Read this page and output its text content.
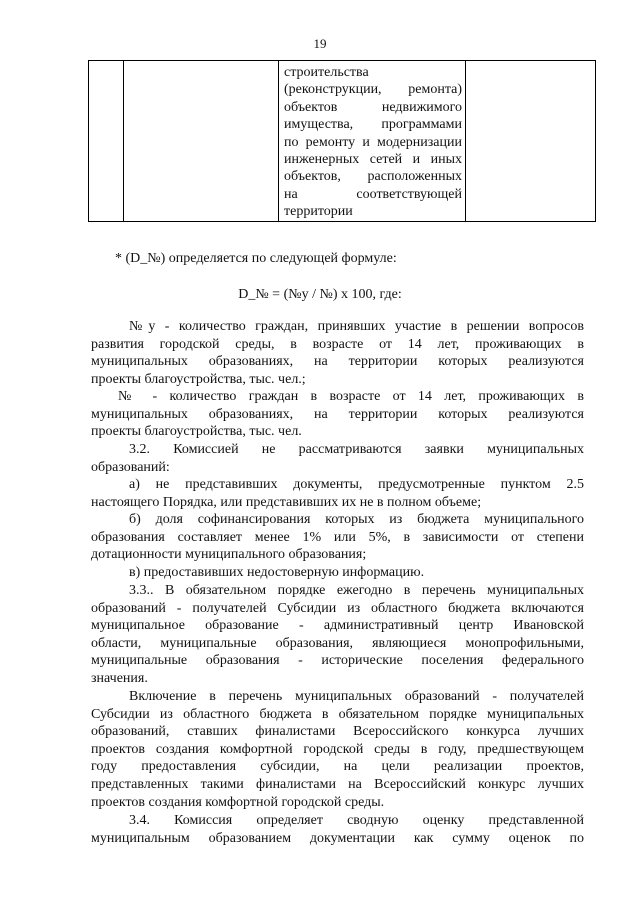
19

строительства
(реконструкции, ремонта)
объектов недвижимого
имущества, программами
по ремонту и модернизации
инженерных сетей и иных
объектов, расположенных
на соответствующей
территории

* (D_№) определяется по следующей формуле:
D_№ = (№у / №) х 100, где:
№у - количество граждан, принявших участие в решении вопросов
развития городской среды, в возрасте от 14 лет, проживающих в
муниципальных образованиях, на территории которых реализуются
проекты благоустройства, тыс. чел.;
№ - количество граждан в возрасте от 14 лет, проживающих в
муниципальных образованиях, на территории которых реализуются
проекты благоустройства, тыс. чел.
3.2. Комиссией не рассматриваются заявки муниципальных
образований:
а) не представивших документы, предусмотренные пунктом 2.5
настоящего Порядка, или представивших их не в полном объеме;
б) доля софинансирования которых из бюджета муниципального
образования составляет менее 1% или 5%, в зависимости от степени
дотационности муниципального образования;
в) предоставивших недостоверную информацию.
3.3.. В обязательном порядке ежегодно в перечень муниципальных
образований - получателей Субсидии из областного бюджета включаются
муниципальное образование - административный центр Ивановской
области, муниципальные образования, являющиеся монопрофильными,
муниципальные образования - исторические поселения федерального
значения.
Включение в перечень муниципальных образований - получателей
Субсидии из областного бюджета в обязательном порядке муниципальных
образований, ставших финалистами Всероссийского конкурса лучших
проектов создания комфортной городской среды в году, предшествующем
году предоставления субсидии, на цели реализации проектов,
представленных такими финалистами на Всероссийский конкурс лучших
проектов создания комфортной городской среды.
3.4. Комиссия определяет сводную оценку представленной
муниципальным образованием документации как сумму оценок по
